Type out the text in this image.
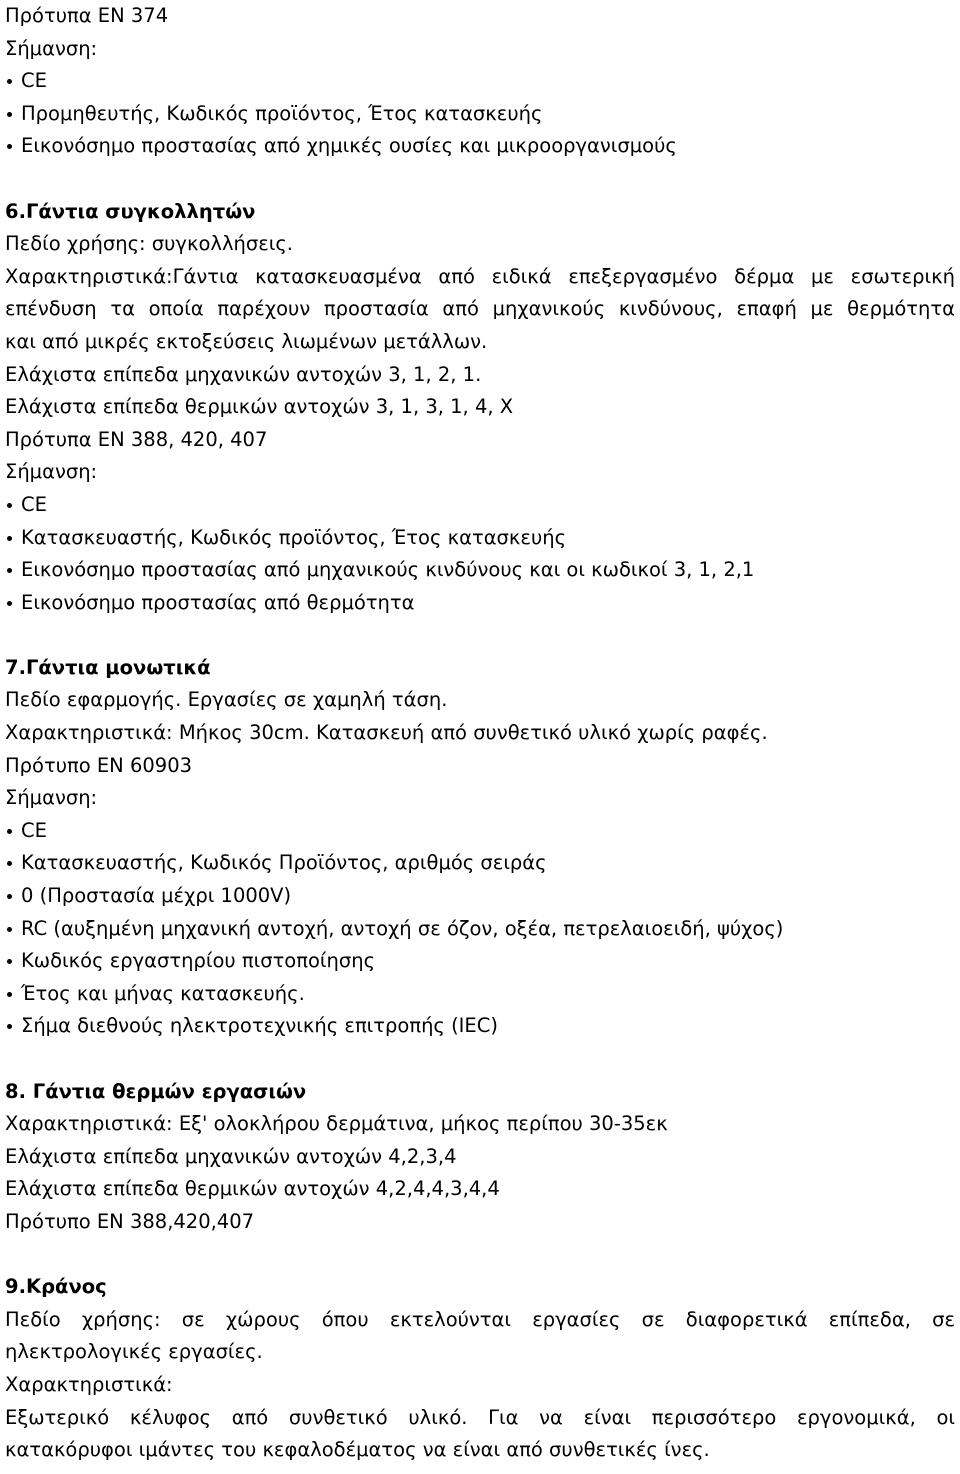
Πρότυπα EN 374
Σήμανση:
CE
Προμηθευτής, Κωδικός προϊόντος, Έτος κατασκευής
Εικονόσημο προστασίας από χημικές ουσίες και μικροοργανισμούς
6.Γάντια συγκολλητών
Πεδίο χρήσης: συγκολλήσεις.
Χαρακτηριστικά:Γάντια κατασκευασμένα από ειδικά επεξεργασμένο δέρμα με εσωτερική
επένδυση τα οποία παρέχουν προστασία από μηχανικούς κινδύνους, επαφή με θερμότητα
και από μικρές εκτοξεύσεις λιωμένων μετάλλων.
Ελάχιστα επίπεδα μηχανικών αντοχών 3, 1, 2, 1.
Ελάχιστα επίπεδα θερμικών αντοχών 3, 1, 3, 1, 4, X
Πρότυπα EN 388, 420, 407
Σήμανση:
CE
Κατασκευαστής, Κωδικός προϊόντος, Έτος κατασκευής
Εικονόσημο προστασίας από μηχανικούς κινδύνους και οι κωδικοί 3, 1, 2,1
Εικονόσημο προστασίας από θερμότητα
7.Γάντια μονωτικά
Πεδίο εφαρμογής. Εργασίες σε χαμηλή τάση.
Χαρακτηριστικά: Μήκος 30cm. Κατασκευή από συνθετικό υλικό χωρίς ραφές.
Πρότυπο EN 60903
Σήμανση:
CE
Κατασκευαστής, Κωδικός Προϊόντος, αριθμός σειράς
0 (Προστασία μέχρι 1000V)
RC (αυξημένη μηχανική αντοχή, αντοχή σε όζον, οξέα, πετρελαιοειδή, ψύχος)
Κωδικός εργαστηρίου πιστοποίησης
Έτος και μήνας κατασκευής.
Σήμα διεθνούς ηλεκτροτεχνικής επιτροπής (IEC)
8. Γάντια θερμών εργασιών
Χαρακτηριστικά: Εξ' ολοκλήρου δερμάτινα, μήκος περίπου 30-35εκ
Ελάχιστα επίπεδα μηχανικών αντοχών 4,2,3,4
Ελάχιστα επίπεδα θερμικών αντοχών 4,2,4,4,3,4,4
Πρότυπο EN 388,420,407
9.Κράνος
Πεδίο χρήσης: σε χώρους όπου εκτελούνται εργασίες σε διαφορετικά επίπεδα, σε
ηλεκτρολογικές εργασίες.
Χαρακτηριστικά:
Εξωτερικό κέλυφος από συνθετικό υλικό. Για να είναι περισσότερο εργονομικά, οι
κατακόρυφοι ιμάντες του κεφαλοδέματος να είναι από συνθετικές ίνες.
